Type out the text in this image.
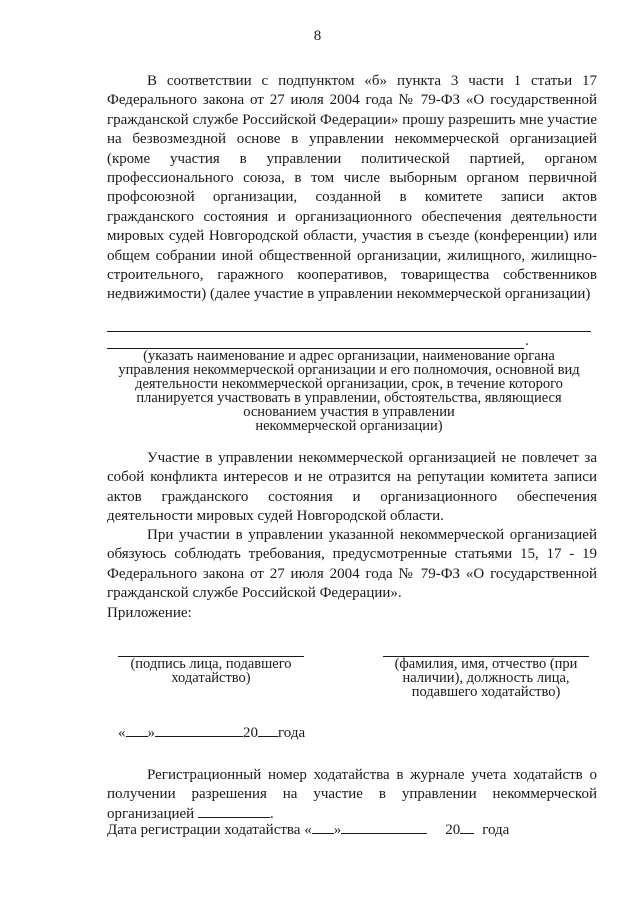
8

В соответствии с подпунктом «б» пункта 3 части 1 статьи 17 Федерального закона от 27 июля 2004 года № 79-ФЗ «О государственной гражданской службе Российской Федерации» прошу разрешить мне участие на безвозмездной основе в управлении некоммерческой организацией (кроме участия в управлении политической партией, органом профессионального союза, в том числе выборным органом первичной профсоюзной организации, созданной в комитете записи актов гражданского состояния и организационного обеспечения деятельности мировых судей Новгородской области, участия в съезде (конференции) или общем собрании иной общественной организации, жилищного, жилищно-строительного, гаражного кооперативов, товарищества собственников недвижимости) (далее участие в управлении некоммерческой организации)

.
(указать наименование и адрес организации, наименование органа
управления некоммерческой организации и его полномочия, основной вид
деятельности некоммерческой организации, срок, в течение которого
планируется участвовать в управлении, обстоятельства, являющиеся
основанием участия в управлении
некоммерческой организации)

Участие в управлении некоммерческой организацией не повлечет за собой конфликта интересов и не отразится на репутации комитета записи актов гражданского состояния и организационного обеспечения деятельности мировых судей Новгородской области.

При участии в управлении указанной некоммерческой организацией обязуюсь соблюдать требования, предусмотренные статьями 15, 17 - 19 Федерального закона от 27 июля 2004 года № 79-ФЗ «О государственной гражданской службе Российской Федерации».

Приложение:
(подпись лица, подавшего
ходатайство)
(фамилия, имя, отчество (при
наличии), должность лица,
подавшего ходатайство)
« »	20 года

Регистрационный номер ходатайства в журнале учета ходатайств о получении разрешения на участие в управлении некоммерческой организацией	.

Дата регистрации ходатайства « »	20 года
